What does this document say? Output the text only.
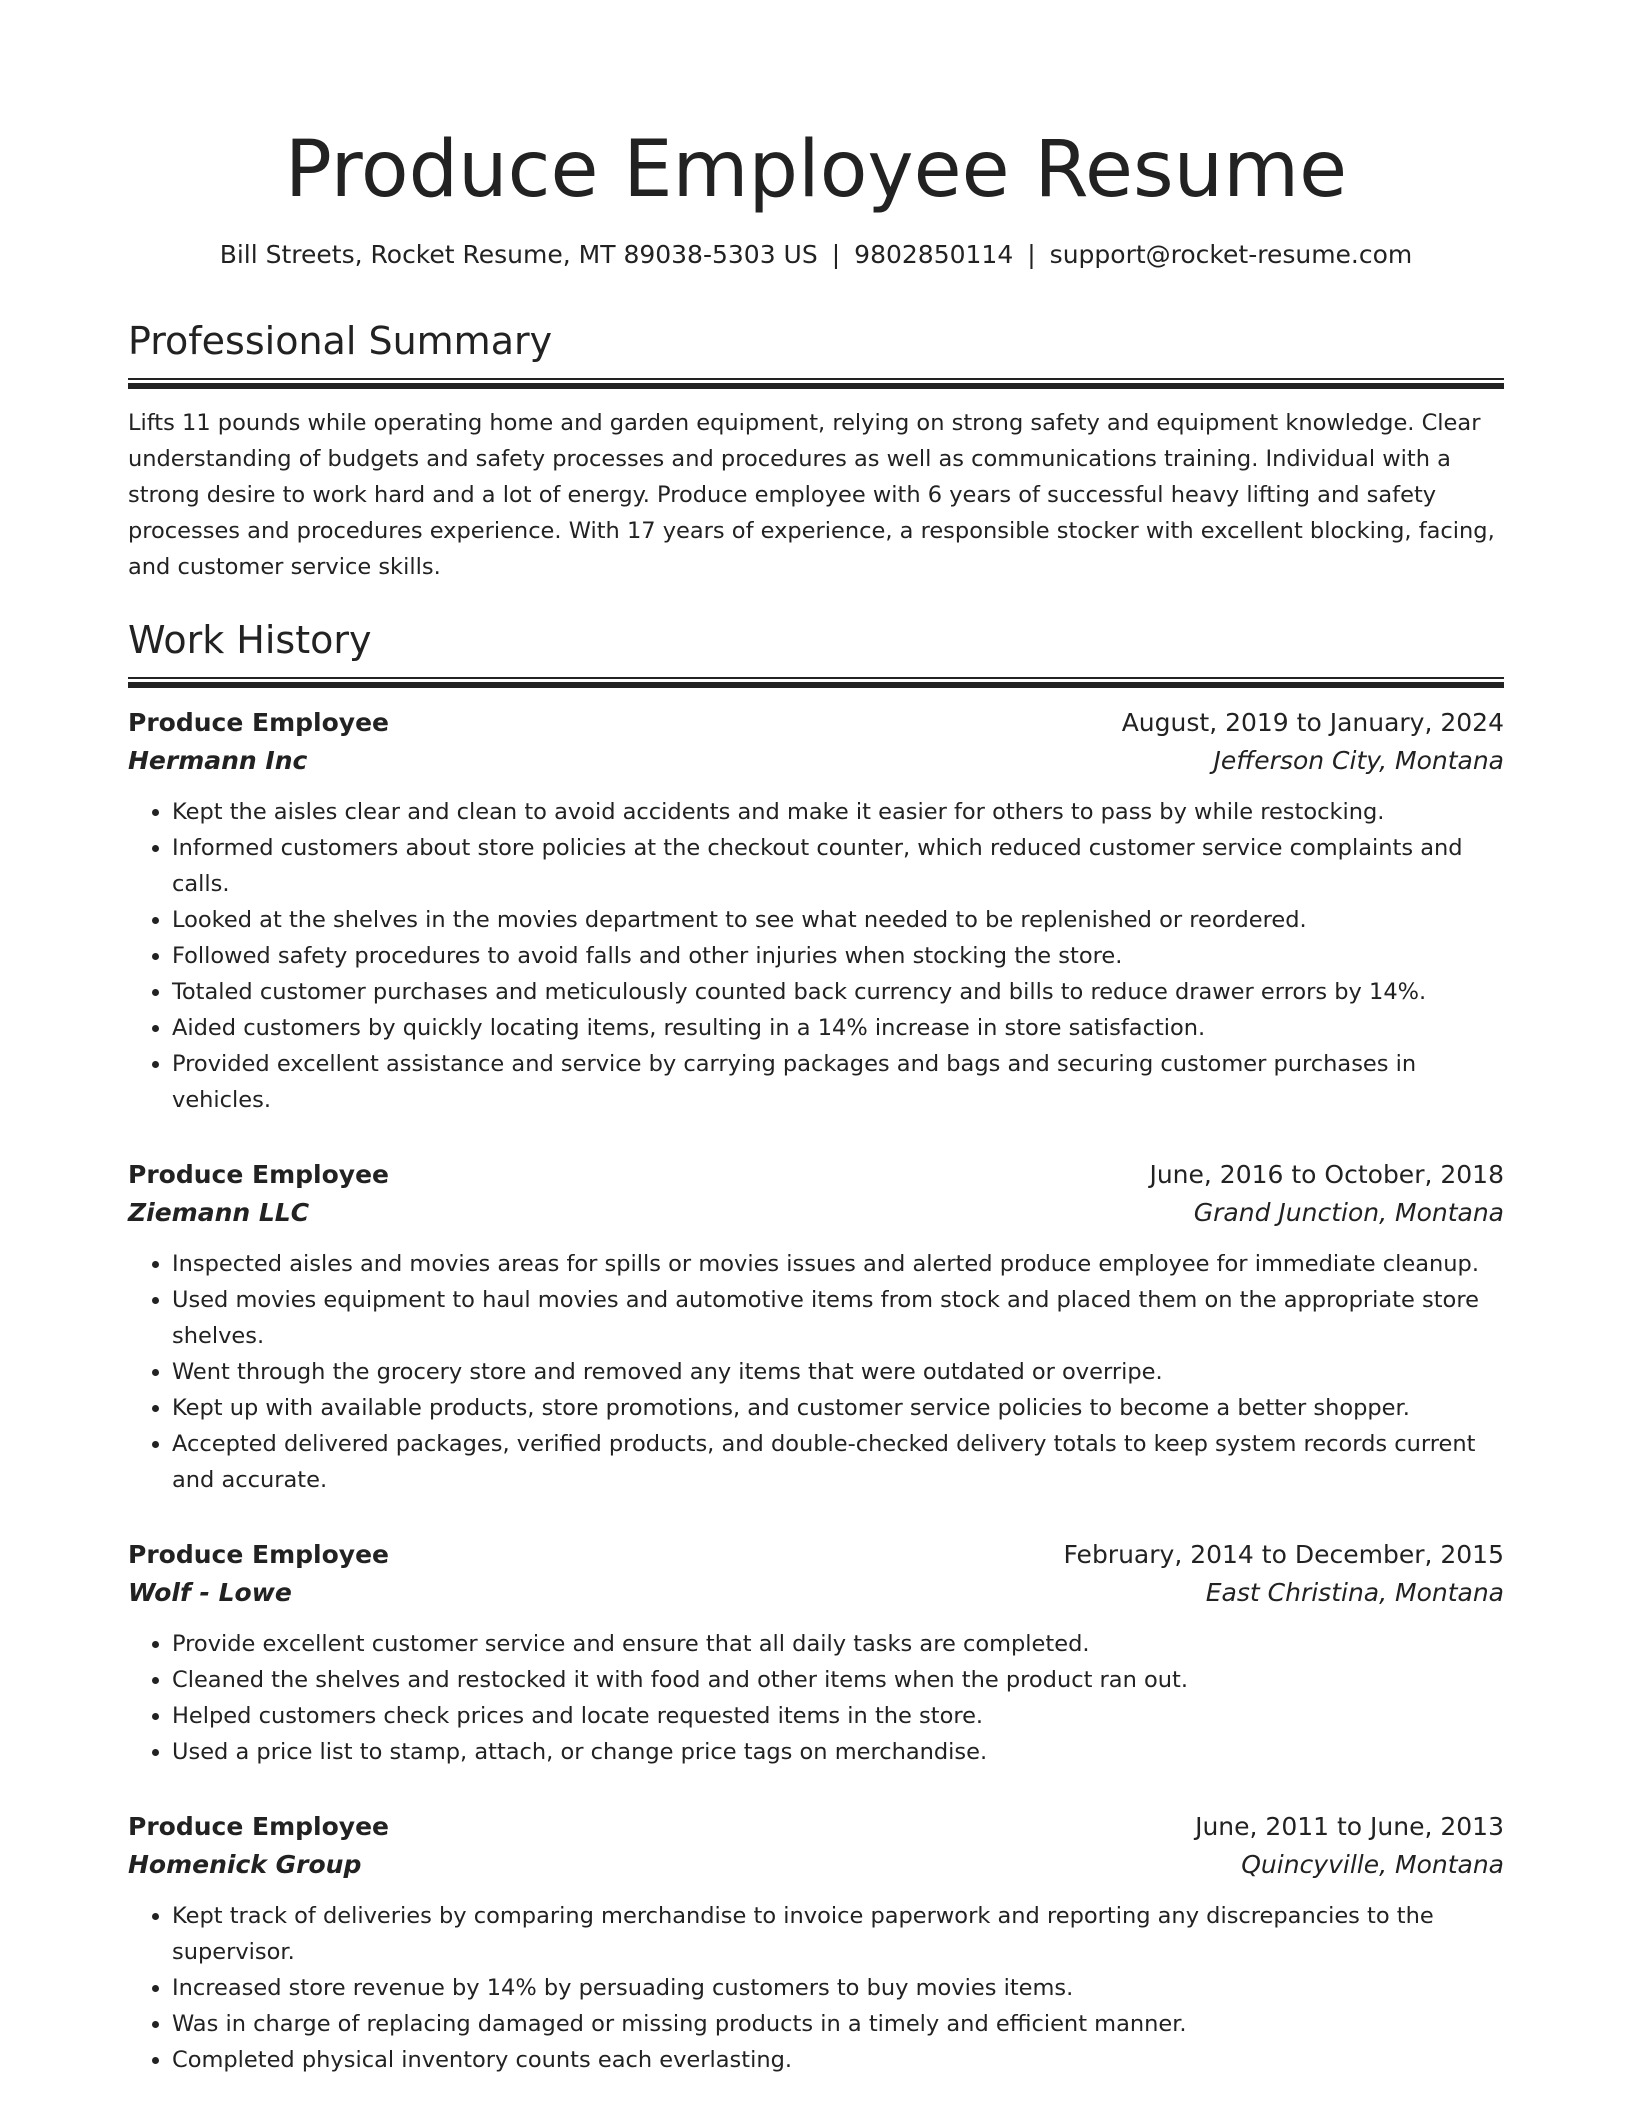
Produce Employee Resume
Bill Streets, Rocket Resume, MT 89038-5303 US | 9802850114 | support@rocket-resume.com
Professional Summary
Lifts 11 pounds while operating home and garden equipment, relying on strong safety and equipment knowledge. Clear understanding of budgets and safety processes and procedures as well as communications training. Individual with a strong desire to work hard and a lot of energy. Produce employee with 6 years of successful heavy lifting and safety processes and procedures experience. With 17 years of experience, a responsible stocker with excellent blocking, facing, and customer service skills.
Work History
Produce Employee	August, 2019 to January, 2024
Hermann Inc	Jefferson City, Montana
• Kept the aisles clear and clean to avoid accidents and make it easier for others to pass by while restocking.
• Informed customers about store policies at the checkout counter, which reduced customer service complaints and calls.
• Looked at the shelves in the movies department to see what needed to be replenished or reordered.
• Followed safety procedures to avoid falls and other injuries when stocking the store.
• Totaled customer purchases and meticulously counted back currency and bills to reduce drawer errors by 14%.
• Aided customers by quickly locating items, resulting in a 14% increase in store satisfaction.
• Provided excellent assistance and service by carrying packages and bags and securing customer purchases in vehicles.
Produce Employee	June, 2016 to October, 2018
Ziemann LLC	Grand Junction, Montana
• Inspected aisles and movies areas for spills or movies issues and alerted produce employee for immediate cleanup.
• Used movies equipment to haul movies and automotive items from stock and placed them on the appropriate store shelves.
• Went through the grocery store and removed any items that were outdated or overripe.
• Kept up with available products, store promotions, and customer service policies to become a better shopper.
• Accepted delivered packages, verified products, and double-checked delivery totals to keep system records current and accurate.
Produce Employee	February, 2014 to December, 2015
Wolf - Lowe	East Christina, Montana
• Provide excellent customer service and ensure that all daily tasks are completed.
• Cleaned the shelves and restocked it with food and other items when the product ran out.
• Helped customers check prices and locate requested items in the store.
• Used a price list to stamp, attach, or change price tags on merchandise.
Produce Employee	June, 2011 to June, 2013
Homenick Group	Quincyville, Montana
• Kept track of deliveries by comparing merchandise to invoice paperwork and reporting any discrepancies to the supervisor.
• Increased store revenue by 14% by persuading customers to buy movies items.
• Was in charge of replacing damaged or missing products in a timely and efficient manner.
• Completed physical inventory counts each everlasting.
